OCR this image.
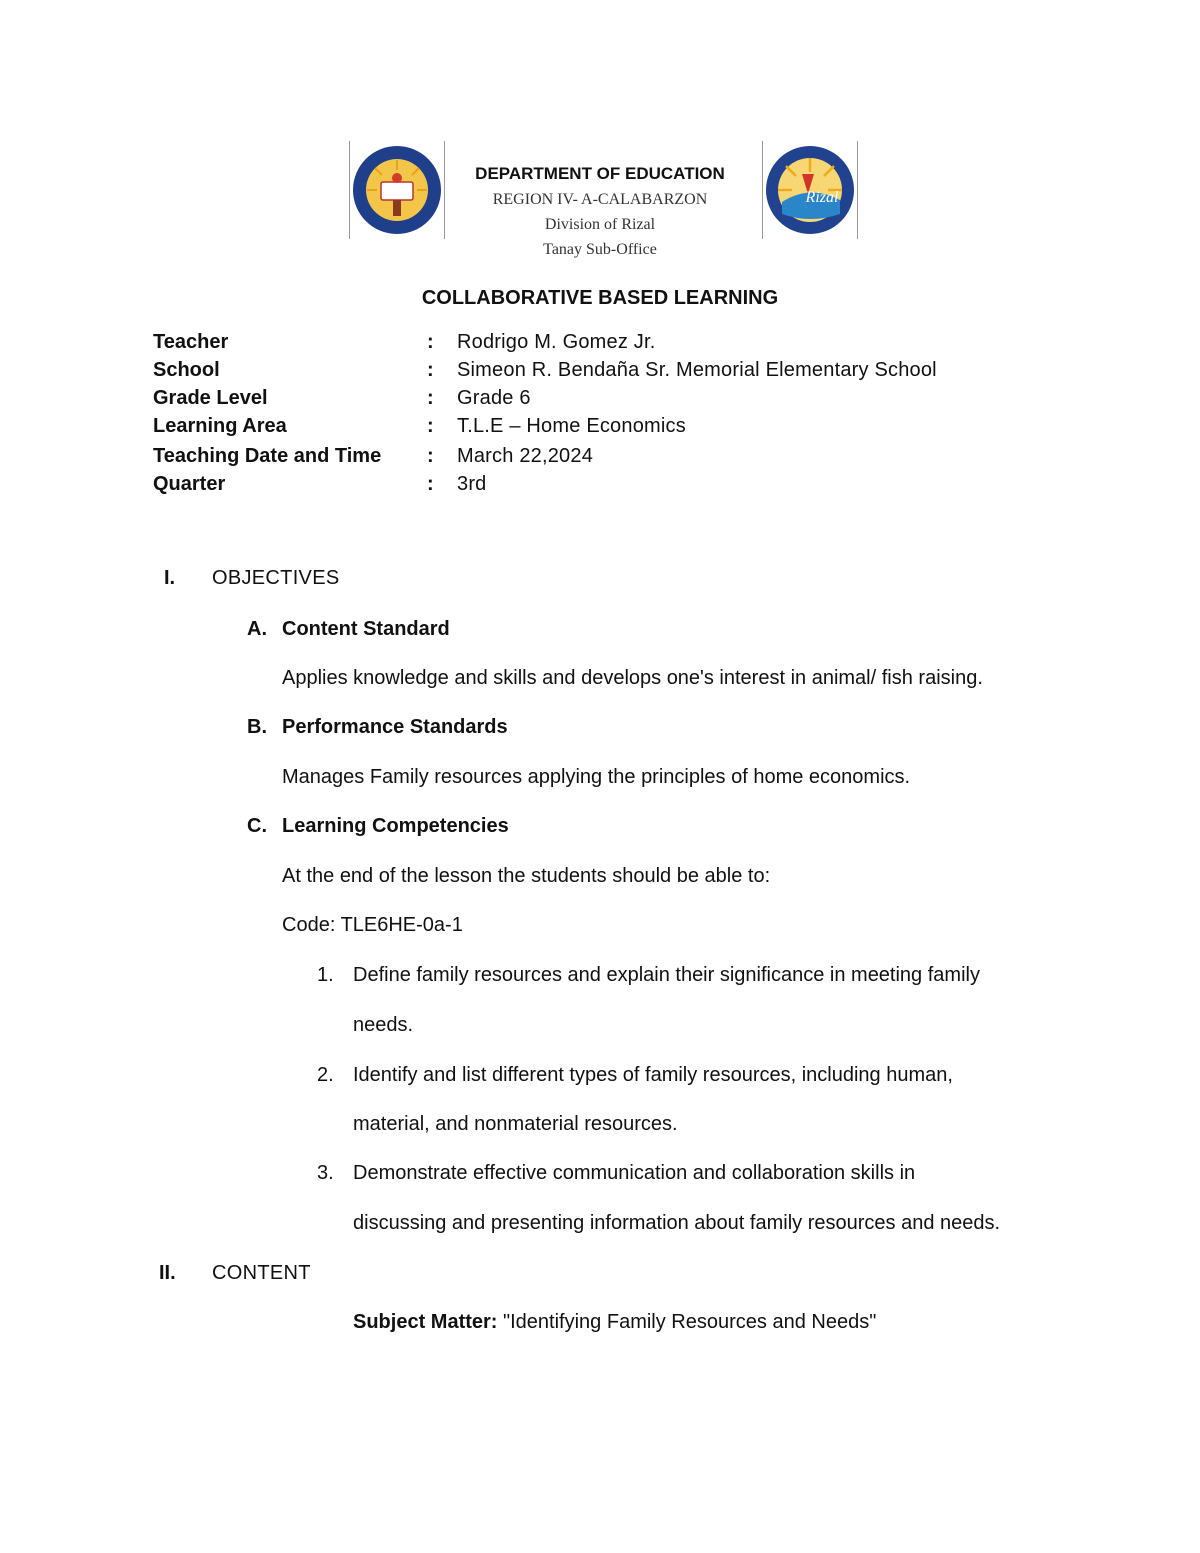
DEPARTMENT OF EDUCATION
REGION IV- A-CALABARZON
Division of Rizal
Tanay Sub-Office
Rizal
COLLABORATIVE BASED LEARNING
Teacher	: Rodrigo M. Gomez Jr.
School	: Simeon R. Bendaña Sr. Memorial Elementary School
Grade Level	: Grade 6
Learning Area	: T.L.E – Home Economics
Teaching Date and Time : March 22,2024
Quarter	: 3rd
I. OBJECTIVES
A. Content Standard
Applies knowledge and skills and develops one's interest in animal/ fish raising.
B. Performance Standards
Manages Family resources applying the principles of home economics.
C. Learning Competencies
At the end of the lesson the students should be able to:
Code: TLE6HE-0a-1
1. Define family resources and explain their significance in meeting family
needs.
2. Identify and list different types of family resources, including human,
material, and nonmaterial resources.
3. Demonstrate effective communication and collaboration skills in
discussing and presenting information about family resources and needs.
II. CONTENT
Subject Matter: "Identifying Family Resources and Needs"
